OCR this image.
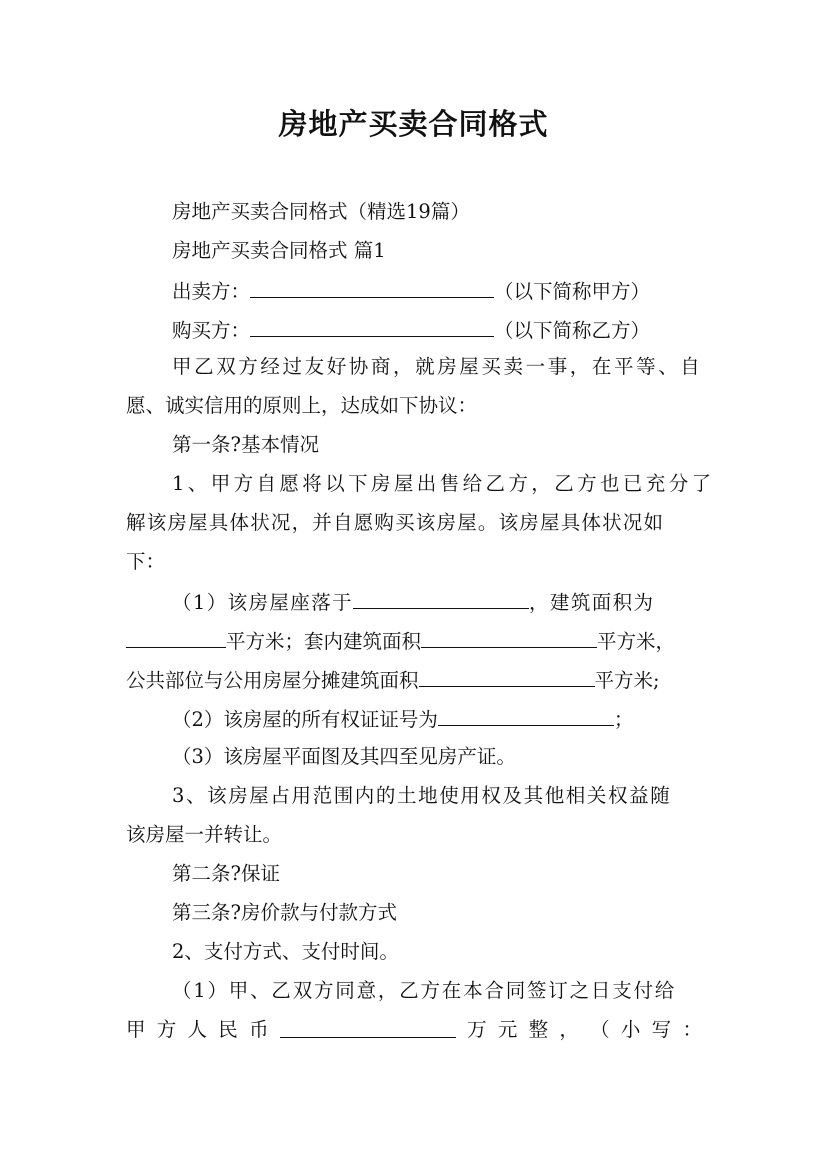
房地产买卖合同格式
房地产买卖合同格式（精选19篇）
房地产买卖合同格式 篇1
出卖方：	（以下简称甲方）
购买方：	（以下简称乙方）
甲乙双方经过友好协商，就房屋买卖一事，在平等、自
愿、诚实信用的原则上，达成如下协议：
第一条?基本情况
1、甲方自愿将以下房屋出售给乙方，乙方也已充分了
解该房屋具体状况，并自愿购买该房屋。该房屋具体状况如
下：
（1）该房屋座落于	，建筑面积为
平方米；套内建筑面积	平方米，
公共部位与公用房屋分摊建筑面积	平方米;
（2）该房屋的所有权证证号为	；
（3）该房屋平面图及其四至见房产证。
3、该房屋占用范围内的土地使用权及其他相关权益随
该房屋一并转让。
第二条?保证
第三条?房价款与付款方式
2、支付方式、支付时间。
（1）甲、乙双方同意，乙方在本合同签订之日支付给
甲 方 人 民 币	万 元 整 ， （ 小 写 ：
